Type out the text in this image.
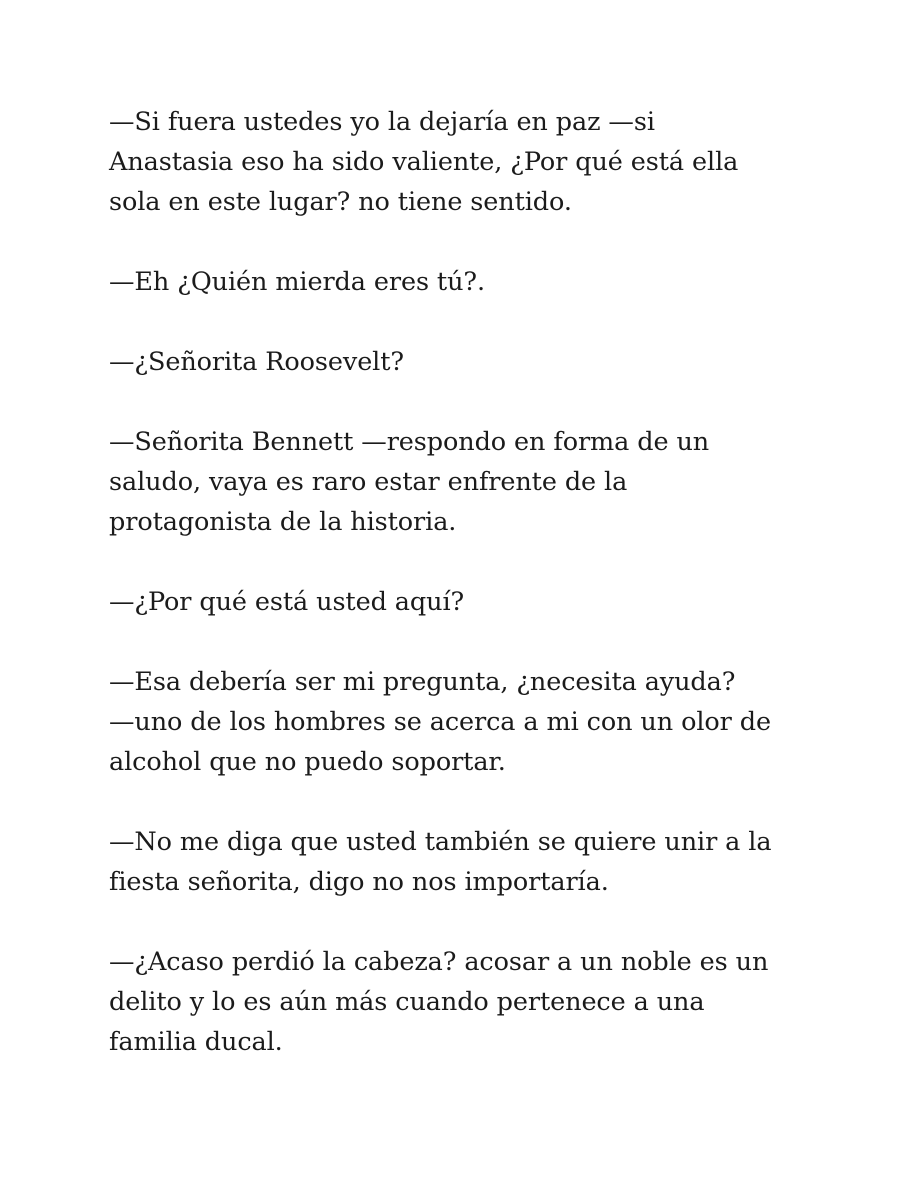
—Si fuera ustedes yo la dejaría en paz —si
Anastasia eso ha sido valiente, ¿Por qué está ella
sola en este lugar? no tiene sentido.

—Eh ¿Quién mierda eres tú?.

—¿Señorita Roosevelt?

—Señorita Bennett —respondo en forma de un
saludo, vaya es raro estar enfrente de la
protagonista de la historia.

—¿Por qué está usted aquí?

—Esa debería ser mi pregunta, ¿necesita ayuda?
—uno de los hombres se acerca a mi con un olor de
alcohol que no puedo soportar.

—No me diga que usted también se quiere unir a la
fiesta señorita, digo no nos importaría.

—¿Acaso perdió la cabeza? acosar a un noble es un
delito y lo es aún más cuando pertenece a una
familia ducal.
